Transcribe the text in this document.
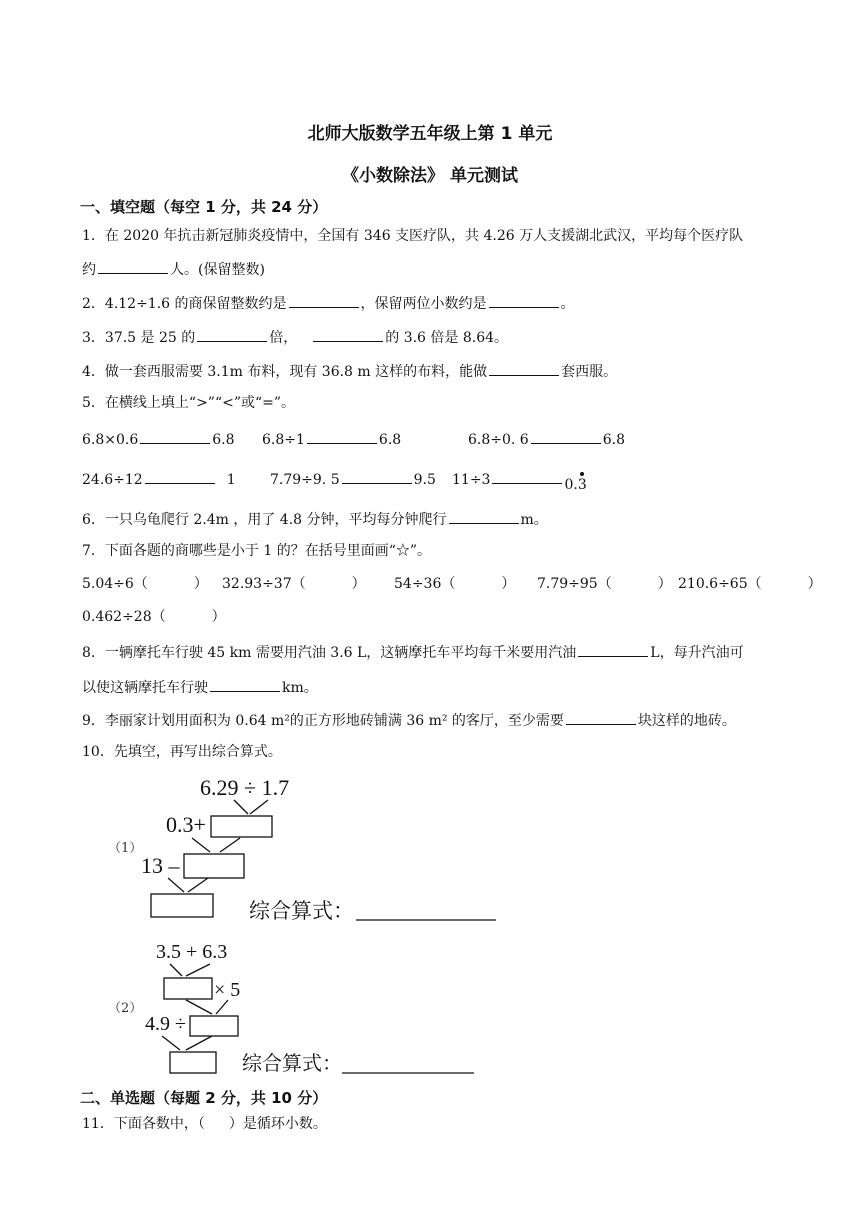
北师大版数学五年级上第 1 单元
《小数除法》 单元测试
一、填空题（每空 1 分，共 24 分）
1．在 2020 年抗击新冠肺炎疫情中，全国有 346 支医疗队，共 4.26 万人支援湖北武汉，平均每个医疗队
约	人。(保留整数)
2．4.12÷1.6 的商保留整数约是	，保留两位小数约是	。
3．37.5 是 25 的	倍，	的 3.6 倍是 8.64。
4．做一套西服需要 3.1m 布料，现有 36.8 m 这样的布料，能做	套西服。
5．在横线上填上“>”“<”或“=”。
6.8×0.6	6.8 6.8÷1	6.8	6.8÷0. 6	6.8
24.6÷12	1 7.79÷9. 5	9.5 11÷3	0.3
6．一只乌龟爬行 2.4m ，用了 4.8 分钟，平均每分钟爬行	m。
7．下面各题的商哪些是小于 1 的？在括号里面画“☆”。
5.04÷6（	） 32.93÷37（	） 54÷36（	） 7.79÷95（	） 210.6÷65（	）
0.462÷28（	）
8．一辆摩托车行驶 45 km 需要用汽油 3.6 L，这辆摩托车平均每千米要用汽油	L，每升汽油可
以使这辆摩托车行驶	km。
9．李丽家计划用面积为 0.64 m²的正方形地砖铺满 36 m² 的客厅，至少需要	块这样的地砖。
10．先填空，再写出综合算式。
（1）
6.29 ÷ 1.7
0.3+
13 –
综合算式：
（2）
3.5 + 6.3
× 5
4.9 ÷
综合算式：
二、单选题（每题 2 分，共 10 分）
11．下面各数中，（ ）是循环小数。
